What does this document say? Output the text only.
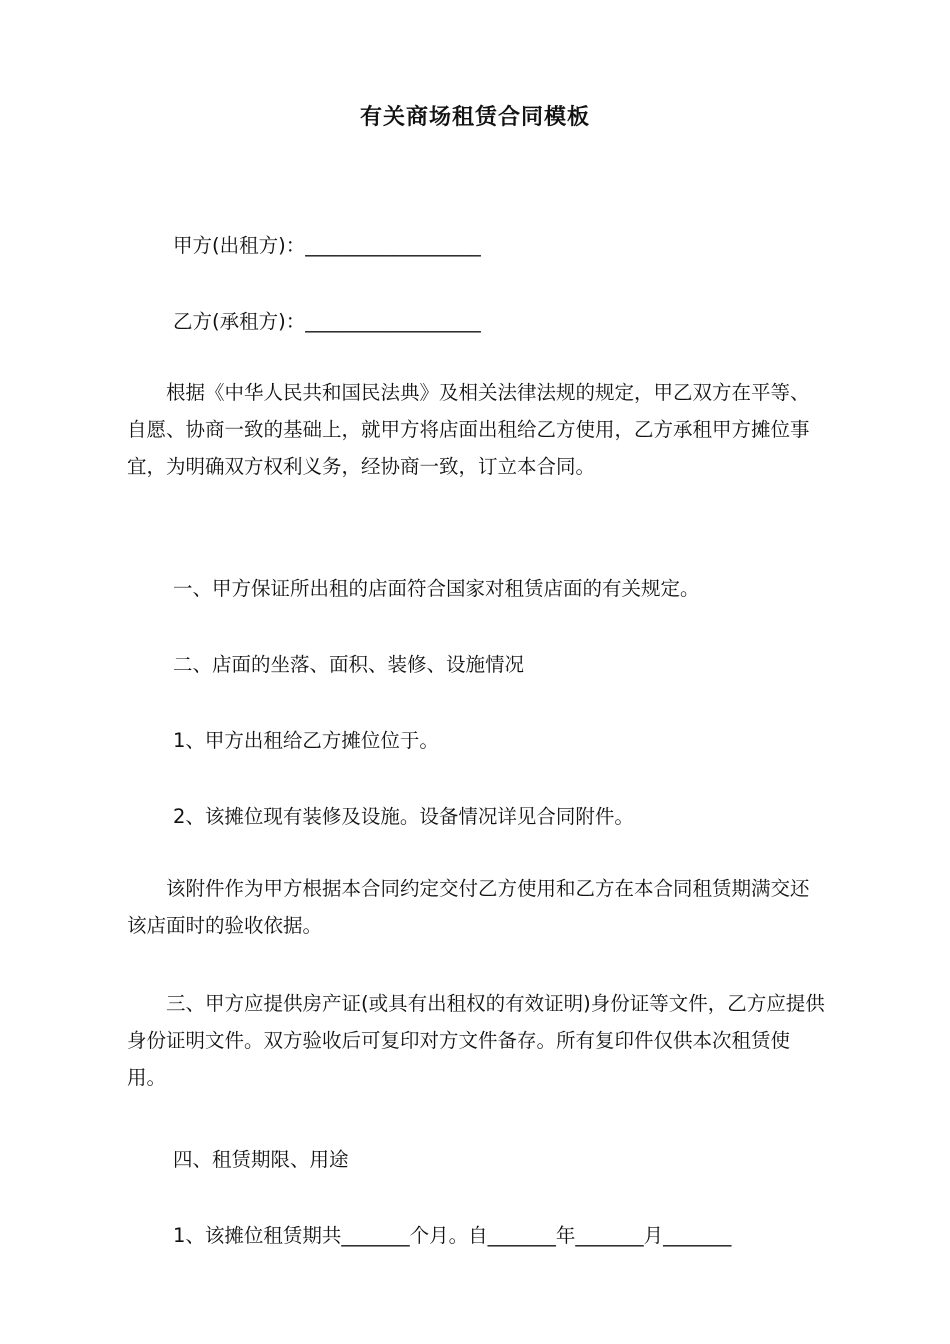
有关商场租赁合同模板
甲方(出租方)：__________________
乙方(承租方)：__________________
根据《中华人民共和国民法典》及相关法律法规的规定，甲乙双方在平等、自愿、协商一致的基础上，就甲方将店面出租给乙方使用，乙方承租甲方摊位事宜，为明确双方权利义务，经协商一致，订立本合同。
一、甲方保证所出租的店面符合国家对租赁店面的有关规定。
二、店面的坐落、面积、装修、设施情况
1、甲方出租给乙方摊位位于。
2、该摊位现有装修及设施。设备情况详见合同附件。
该附件作为甲方根据本合同约定交付乙方使用和乙方在本合同租赁期满交还该店面时的验收依据。
三、甲方应提供房产证(或具有出租权的有效证明)身份证等文件，乙方应提供身份证明文件。双方验收后可复印对方文件备存。所有复印件仅供本次租赁使用。
四、租赁期限、用途
1、该摊位租赁期共_______个月。自_______年_______月_______
